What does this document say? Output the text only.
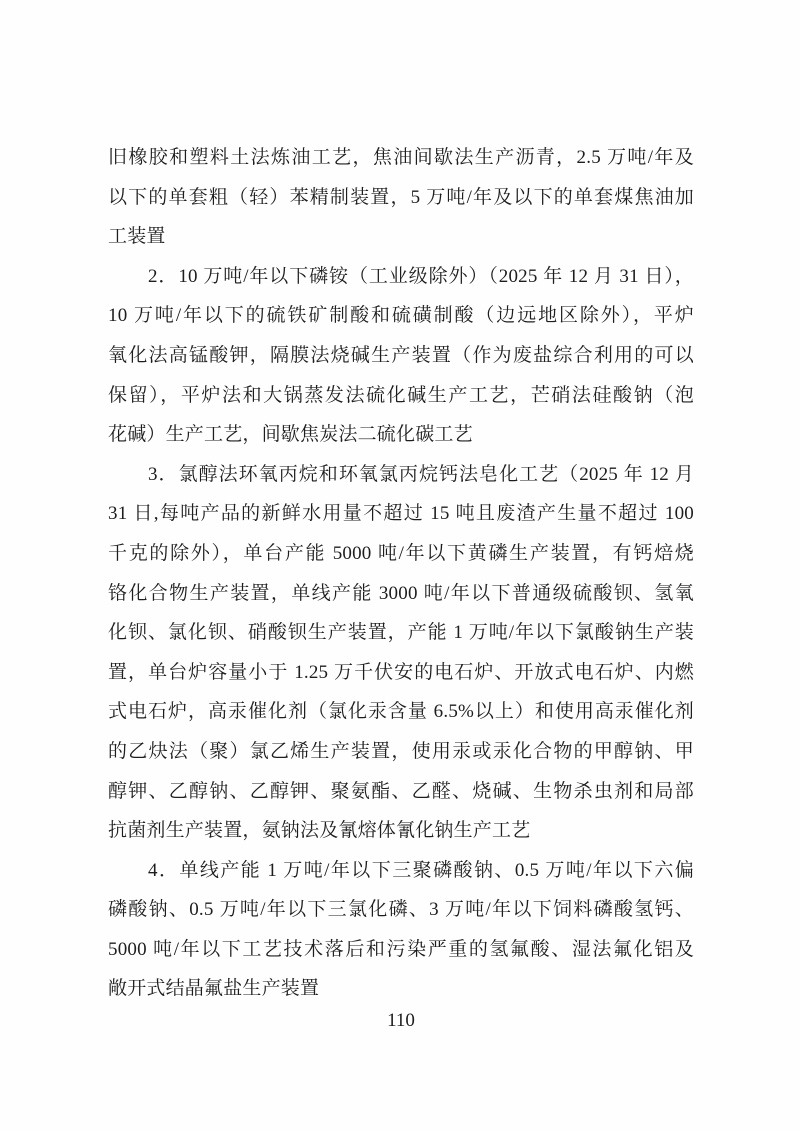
旧橡胶和塑料土法炼油工艺，焦油间歇法生产沥青，2.5 万吨/年及
以下的单套粗（轻）苯精制装置，5 万吨/年及以下的单套煤焦油加
工装置
2．10 万吨/年以下磷铵（工业级除外）（2025 年 12 月 31 日），
10 万吨/年以下的硫铁矿制酸和硫磺制酸（边远地区除外），平炉
氧化法高锰酸钾，隔膜法烧碱生产装置（作为废盐综合利用的可以
保留），平炉法和大锅蒸发法硫化碱生产工艺，芒硝法硅酸钠（泡
花碱）生产工艺，间歇焦炭法二硫化碳工艺
3．氯醇法环氧丙烷和环氧氯丙烷钙法皂化工艺（2025 年 12 月
31 日,每吨产品的新鲜水用量不超过 15 吨且废渣产生量不超过 100
千克的除外），单台产能 5000 吨/年以下黄磷生产装置，有钙焙烧
铬化合物生产装置，单线产能 3000 吨/年以下普通级硫酸钡、氢氧
化钡、氯化钡、硝酸钡生产装置，产能 1 万吨/年以下氯酸钠生产装
置，单台炉容量小于 1.25 万千伏安的电石炉、开放式电石炉、内燃
式电石炉，高汞催化剂（氯化汞含量 6.5%以上）和使用高汞催化剂
的乙炔法（聚）氯乙烯生产装置，使用汞或汞化合物的甲醇钠、甲
醇钾、乙醇钠、乙醇钾、聚氨酯、乙醛、烧碱、生物杀虫剂和局部
抗菌剂生产装置，氨钠法及氰熔体氰化钠生产工艺
4．单线产能 1 万吨/年以下三聚磷酸钠、0.5 万吨/年以下六偏
磷酸钠、0.5 万吨/年以下三氯化磷、3 万吨/年以下饲料磷酸氢钙、
5000 吨/年以下工艺技术落后和污染严重的氢氟酸、湿法氟化铝及
敞开式结晶氟盐生产装置
110
